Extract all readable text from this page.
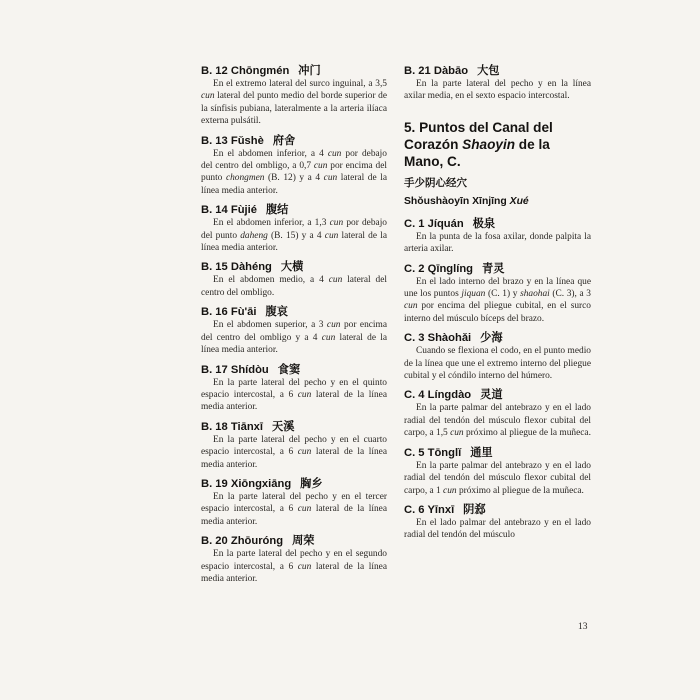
B. 12 Chōngmén 冲门
En el extremo lateral del surco inguinal, a 3,5 cun lateral del punto medio del borde superior de la sínfisis pubiana, lateralmente a la arteria ilíaca externa pulsátil.
B. 13 Fǔshè 府舍
En el abdomen inferior, a 4 cun por debajo del centro del ombligo, a 0,7 cun por encima del punto chongmen (B. 12) y a 4 cun lateral de la línea media anterior.
B. 14 Fùjié 腹结
En el abdomen inferior, a 1,3 cun por debajo del punto daheng (B. 15) y a 4 cun lateral de la línea media anterior.
B. 15 Dàhéng 大横
En el abdomen medio, a 4 cun lateral del centro del ombligo.
B. 16 Fù'āi 腹哀
En el abdomen superior, a 3 cun por encima del centro del ombligo y a 4 cun lateral de la línea media anterior.
B. 17 Shídòu 食窦
En la parte lateral del pecho y en el quinto espacio intercostal, a 6 cun lateral de la línea media anterior.
B. 18 Tiānxī 天溪
En la parte lateral del pecho y en el cuarto espacio intercostal, a 6 cun lateral de la línea media anterior.
B. 19 Xiōngxiāng 胸乡
En la parte lateral del pecho y en el tercer espacio intercostal, a 6 cun lateral de la línea media anterior.
B. 20 Zhōuróng 周荣
En la parte lateral del pecho y en el segundo espacio intercostal, a 6 cun lateral de la línea media anterior.
B. 21 Dàbāo 大包
En la parte lateral del pecho y en la línea axilar media, en el sexto espacio intercostal.
5. Puntos del Canal del Corazón Shaoyin de la Mano, C.
手少阴心经穴
Shǒushàoyīn Xīnjīng Xué
C. 1 Jíquán 极泉
En la punta de la fosa axilar, donde palpita la arteria axilar.
C. 2 Qīnglíng 青灵
En el lado interno del brazo y en la línea que une los puntos jiquan (C. 1) y shaohai (C. 3), a 3 cun por encima del pliegue cubital, en el surco interno del músculo bíceps del brazo.
C. 3 Shàohǎi 少海
Cuando se flexiona el codo, en el punto medio de la línea que une el extremo interno del pliegue cubital y el cóndilo interno del húmero.
C. 4 Língdào 灵道
En la parte palmar del antebrazo y en el lado radial del tendón del músculo flexor cubital del carpo, a 1,5 cun próximo al pliegue de la muñeca.
C. 5 Tōnglǐ 通里
En la parte palmar del antebrazo y en el lado radial del tendón del músculo flexor cubital del carpo, a 1 cun próximo al pliegue de la muñeca.
C. 6 Yīnxī 阴郄
En el lado palmar del antebrazo y en el lado radial del tendón del músculo
13
